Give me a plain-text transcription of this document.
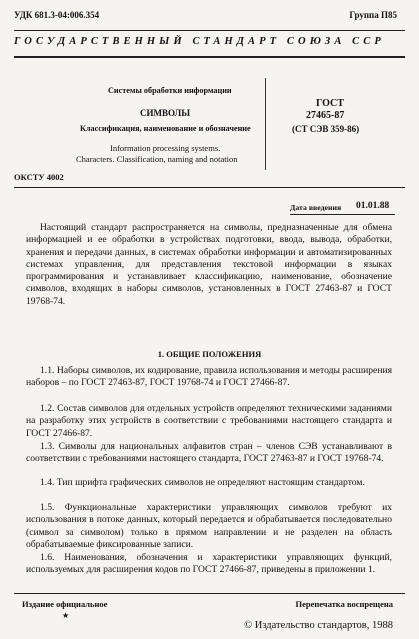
УДК 681.3-04:006.354	Группа П85
ГОСУДАРСТВЕННЫЙ СТАНДАРТ СОЮЗА ССР
Системы обработки информации
СИМВОЛЫ
Классификация, наименование и обозначение
Information processing systems.
Characters. Classification, naming and notation
ГОСТ
27465-87
(СТ СЭВ 359-86)
ОКСТУ 4002
Дата введения 01.01.88

Настоящий стандарт распространяется на символы, предназначенные для обмена информацией и ее обработки в устройствах подготовки, ввода, вывода, обработки, хранения и передачи данных, в системах обработки информации и автоматизированных системах управления, для представления текстовой информации в языках программирования и устанавливает классификацию, наименование, обозначение символов, входящих в наборы символов, установленных в ГОСТ 27463-87 и ГОСТ 19768-74.

1. ОБЩИЕ ПОЛОЖЕНИЯ

1.1. Наборы символов, их кодирование, правила использования и методы расширения наборов – по ГОСТ 27463-87, ГОСТ 19768-74 и ГОСТ 27466-87.

1.2. Состав символов для отдельных устройств определяют техническими заданиями на разработку этих устройств в соответствии с требованиями настоящего стандарта и ГОСТ 27466-87.

1.3. Символы для национальных алфавитов стран – членов СЭВ устанавливают в соответствии с требованиями настоящего стандарта, ГОСТ 27463-87 и ГОСТ 19768-74.

1.4. Тип шрифта графических символов не определяют настоящим стандартом.

1.5. Функциональные характеристики управляющих символов требуют их использования в потоке данных, который передается и обрабатывается последовательно (символ за символом) только в прямом направлении и не разделен на область обрабатываемые фиксированные записи.

1.6. Наименования, обозначения и характеристики управляющих функций, используемых для расширения кодов по ГОСТ 27466-87, приведены в приложении 1.

Издание официальное
★
Перепечатка воспрещена
© Издательство стандартов, 1988
